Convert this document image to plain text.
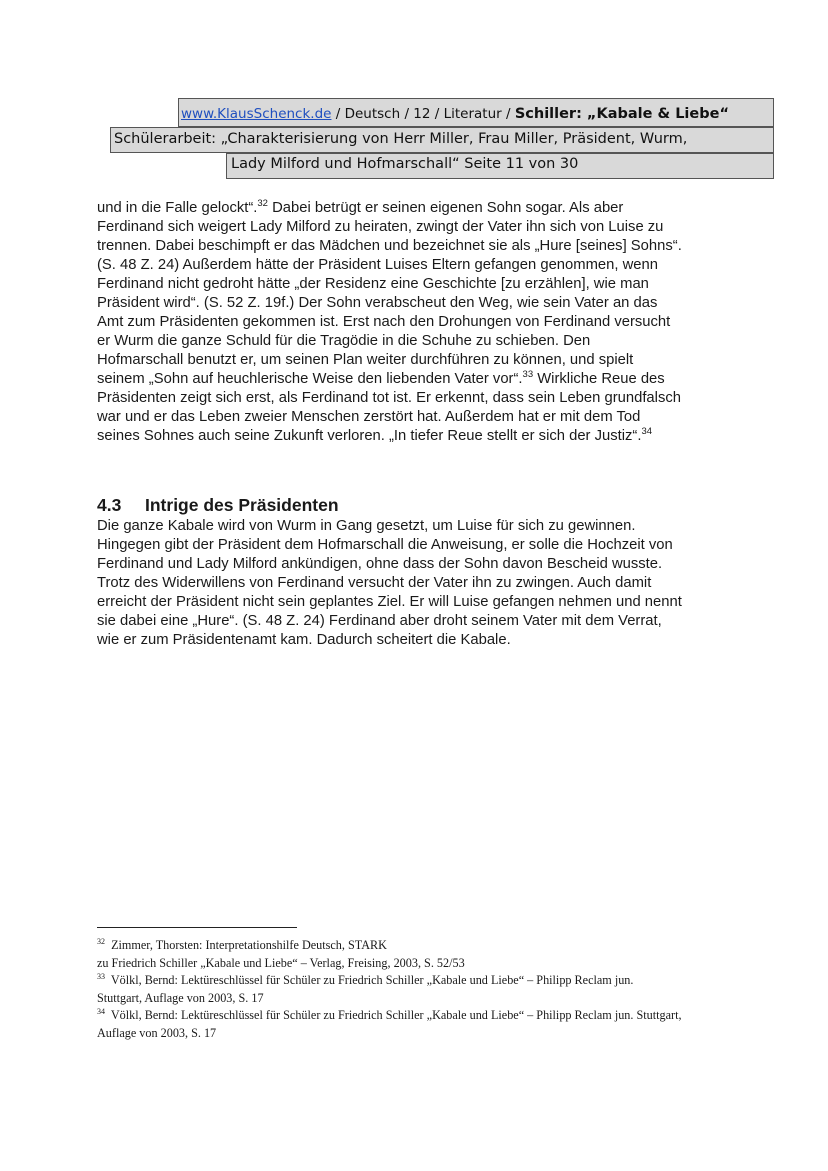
www.KlausSchenck.de / Deutsch / 12 / Literatur / Schiller: „Kabale & Liebe“
Schülerarbeit: „Charakterisierung von Herr Miller, Frau Miller, Präsident, Wurm,
Lady Milford und Hofmarschall“ Seite 11 von 30
und in die Falle gelockt“.$^{32}$ Dabei betrügt er seinen eigenen Sohn sogar. Als aber
Ferdinand sich weigert Lady Milford zu heiraten, zwingt der Vater ihn sich von Luise zu
trennen. Dabei beschimpft er das Mädchen und bezeichnet sie als „Hure [seines] Sohns“.
(S. 48 Z. 24) Außerdem hätte der Präsident Luises Eltern gefangen genommen, wenn
Ferdinand nicht gedroht hätte „der Residenz eine Geschichte [zu erzählen], wie man
Präsident wird“. (S. 52 Z. 19f.) Der Sohn verabscheut den Weg, wie sein Vater an das
Amt zum Präsidenten gekommen ist. Erst nach den Drohungen von Ferdinand versucht
er Wurm die ganze Schuld für die Tragödie in die Schuhe zu schieben. Den
Hofmarschall benutzt er, um seinen Plan weiter durchführen zu können, und spielt
seinem „Sohn auf heuchlerische Weise den liebenden Vater vor“.$^{33}$ Wirkliche Reue des
Präsidenten zeigt sich erst, als Ferdinand tot ist. Er erkennt, dass sein Leben grundfalsch
war und er das Leben zweier Menschen zerstört hat. Außerdem hat er mit dem Tod
seines Sohnes auch seine Zukunft verloren. „In tiefer Reue stellt er sich der Justiz“.$^{34}$
4.3 Intrige des Präsidenten
Die ganze Kabale wird von Wurm in Gang gesetzt, um Luise für sich zu gewinnen.
Hingegen gibt der Präsident dem Hofmarschall die Anweisung, er solle die Hochzeit von
Ferdinand und Lady Milford ankündigen, ohne dass der Sohn davon Bescheid wusste.
Trotz des Widerwillens von Ferdinand versucht der Vater ihn zu zwingen. Auch damit
erreicht der Präsident nicht sein geplantes Ziel. Er will Luise gefangen nehmen und nennt
sie dabei eine „Hure“. (S. 48 Z. 24) Ferdinand aber droht seinem Vater mit dem Verrat,
wie er zum Präsidentenamt kam. Dadurch scheitert die Kabale.
$^{32}$ Zimmer, Thorsten: Interpretationshilfe Deutsch, STARK
zu Friedrich Schiller „Kabale und Liebe“ – Verlag, Freising, 2003, S. 52/53
$^{33}$ Völkl, Bernd: Lektüreschlüssel für Schüler zu Friedrich Schiller „Kabale und Liebe“ – Philipp Reclam jun.
Stuttgart, Auflage von 2003, S. 17
$^{34}$ Völkl, Bernd: Lektüreschlüssel für Schüler zu Friedrich Schiller „Kabale und Liebe“ – Philipp Reclam jun. Stuttgart,
Auflage von 2003, S. 17
